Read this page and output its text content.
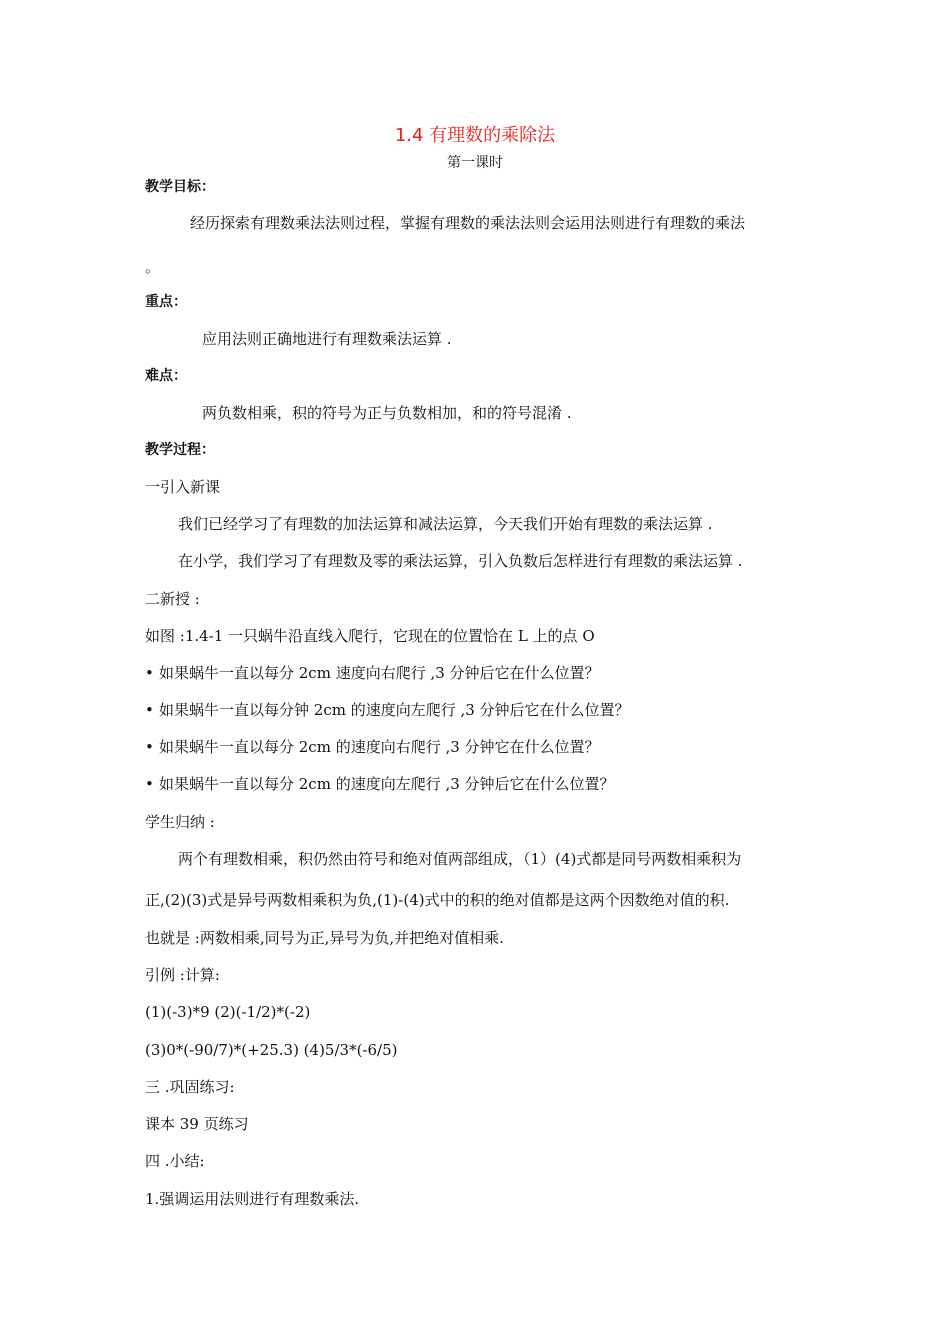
1.4 有理数的乘除法
第一课时
教学目标：
经历探索有理数乘法法则过程，掌握有理数的乘法法则会运用法则进行有理数的乘法
。
重点：
应用法则正确地进行有理数乘法运算 .
难点：
两负数相乘，积的符号为正与负数相加，和的符号混淆 .
教学过程：
一引入新课
我们已经学习了有理数的加法运算和减法运算，今天我们开始有理数的乘法运算 .
在小学，我们学习了有理数及零的乘法运算，引入负数后怎样进行有理数的乘法运算 .
二新授 :
如图 :1.4-1 一只蜗牛沿直线入爬行，它现在的位置恰在 L 上的点 O
• 如果蜗牛一直以每分 2cm 速度向右爬行 ,3 分钟后它在什么位置？
• 如果蜗牛一直以每分钟 2cm 的速度向左爬行 ,3 分钟后它在什么位置？
• 如果蜗牛一直以每分 2cm 的速度向右爬行 ,3 分钟它在什么位置？
• 如果蜗牛一直以每分 2cm 的速度向左爬行 ,3 分钟后它在什么位置？
学生归纳 :
两个有理数相乘，积仍然由符号和绝对值两部组成，（1）(4)式都是同号两数相乘积为
正,(2)(3)式是异号两数相乘积为负,(1)-(4)式中的积的绝对值都是这两个因数绝对值的积.
也就是 :两数相乘,同号为正,异号为负,并把绝对值相乘.
引例 :计算:
(1)(-3)*9 (2)(-1/2)*(-2)
(3)0*(-90/7)*(+25.3) (4)5/3*(-6/5)
三 .巩固练习:
课本 39 页练习
四 .小结:
1.强调运用法则进行有理数乘法.
